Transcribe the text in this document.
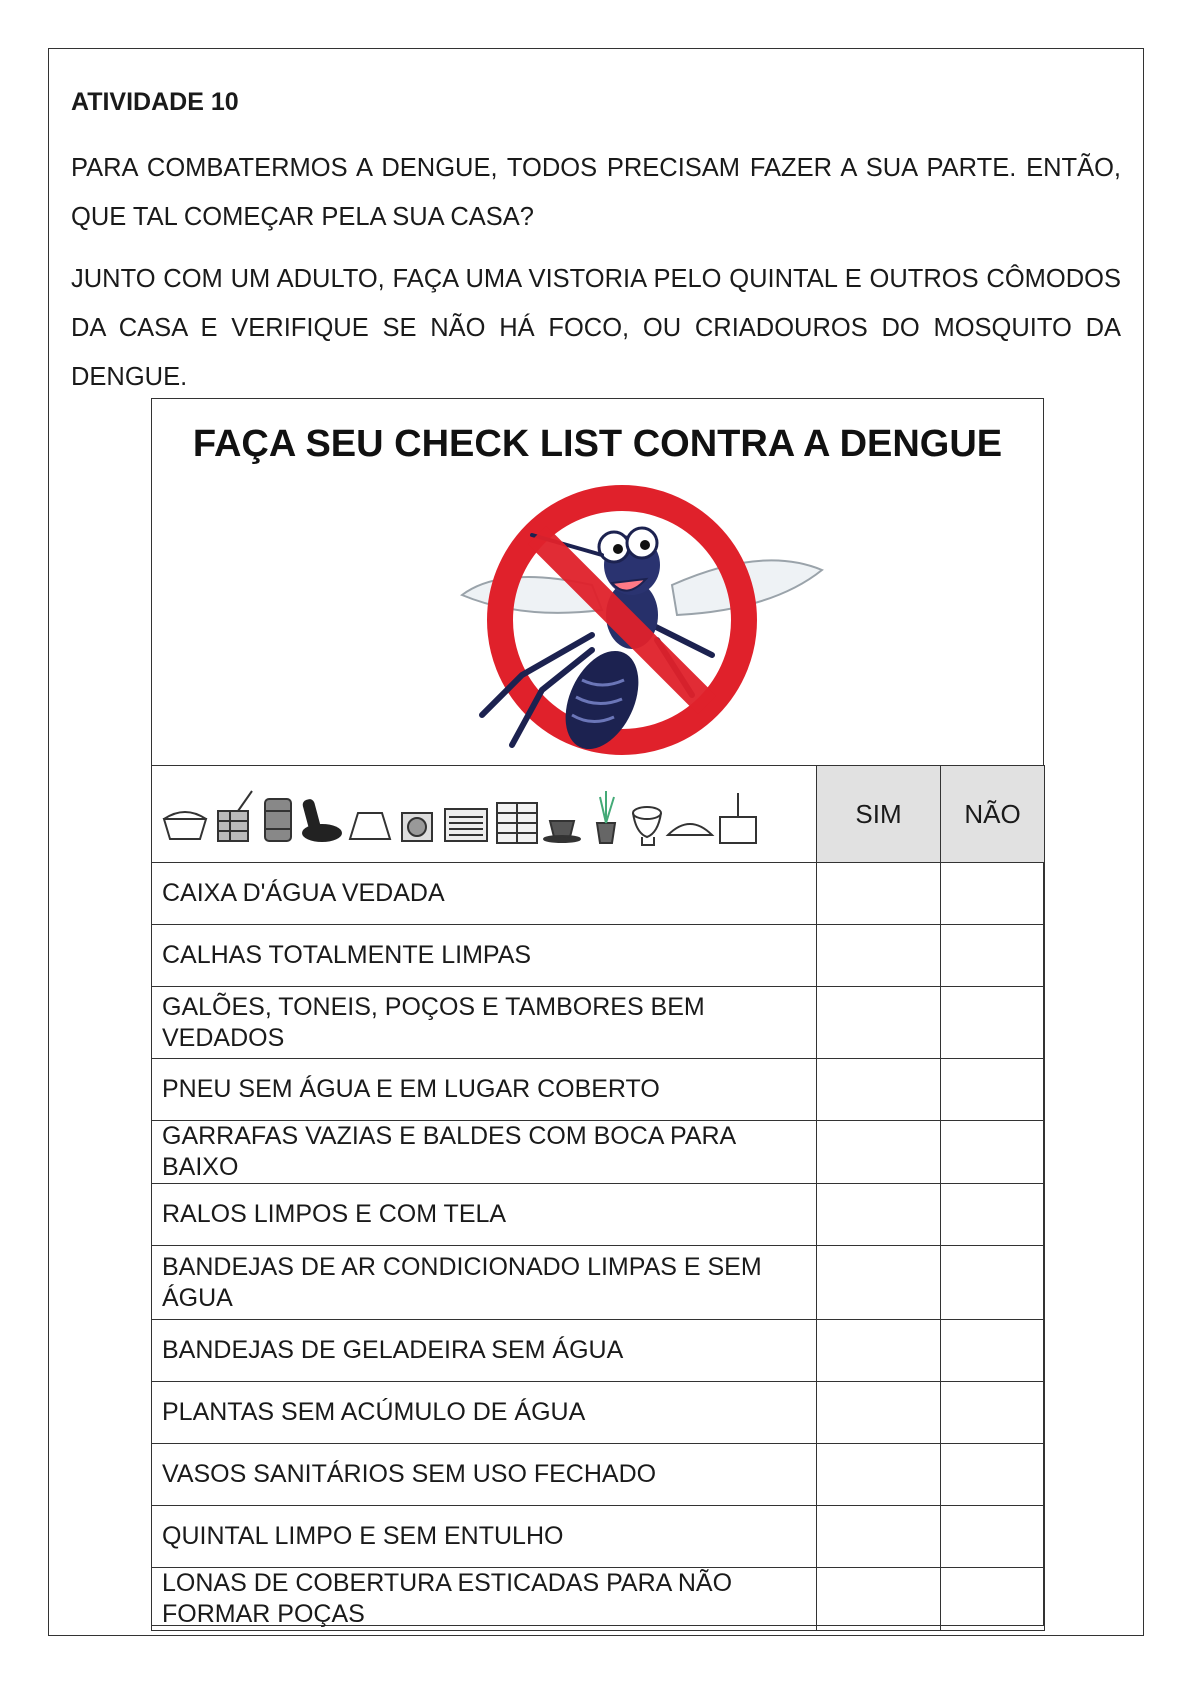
ATIVIDADE 10

PARA COMBATERMOS A DENGUE, TODOS PRECISAM FAZER A SUA PARTE. ENTÃO, QUE TAL COMEÇAR PELA SUA CASA?

JUNTO COM UM ADULTO, FAÇA UMA VISTORIA PELO QUINTAL E OUTROS CÔMODOS DA CASA E VERIFIQUE SE NÃO HÁ FOCO, OU CRIADOUROS DO MOSQUITO DA DENGUE.

FAÇA SEU CHECK LIST CONTRA A DENGUE
	SIM	NÃO
CAIXA D'ÁGUA VEDADA		
CALHAS TOTALMENTE LIMPAS		
GALÕES, TONEIS, POÇOS E TAMBORES BEM VEDADOS		
PNEU SEM ÁGUA E EM LUGAR COBERTO		
GARRAFAS VAZIAS E BALDES COM BOCA PARA BAIXO		
RALOS LIMPOS E COM TELA		
BANDEJAS DE AR CONDICIONADO LIMPAS E SEM ÁGUA		
BANDEJAS DE GELADEIRA SEM ÁGUA		
PLANTAS SEM ACÚMULO DE ÁGUA		
VASOS SANITÁRIOS SEM USO FECHADO		
QUINTAL LIMPO E SEM ENTULHO		
LONAS DE COBERTURA ESTICADAS PARA NÃO FORMAR POÇAS		
